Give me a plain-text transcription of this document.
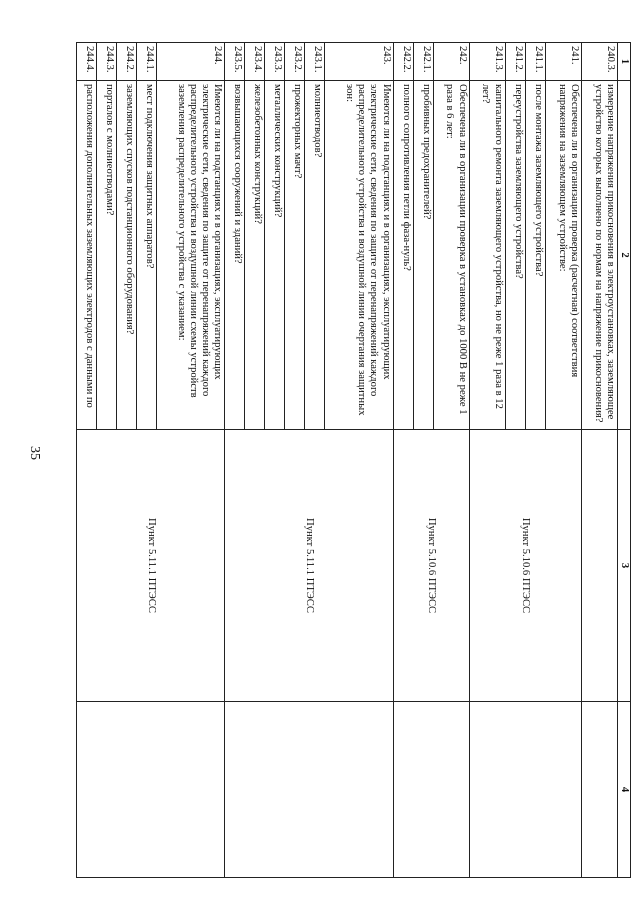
35
1	2	3	4
240.3.	измерение напряжения прикосновения в электроустановках, заземляющее устройство которых выполнено по нормам на напряжение прикосновения?		
241.	Обеспечена ли в организации проверка (расчетная) соответствия напряжения на заземляющем устройстве:	Пункт 5.10.6 ПТЭСС	
241.1.	после монтажа заземляющего устройства?		
241.2.	переустройства заземляющего устройства?		
241.3.	капитального ремонта заземляющего устройства, но не реже 1 раза в 12 лет?		
242.	Обеспечена ли в организации проверка в установках до 1000 В не реже 1 раза в 6 лет:	Пункт 5.10.6 ПТЭСС	
242.1.	пробивных предохранителей?		
242.2.	полного сопротивления петли фаза-нуль?		
243.	Имеются ли на подстанциях и в организациях, эксплуатирующих электрические сети, сведения по защите от перенапряжений каждого распределительного устройства и воздушной линии очертания защитных зон:	Пункт 5.11.1 ПТЭСС	
243.1.	молниеотводов?		
243.2.	прожекторных мачт?		
243.3.	металлических конструкций?		
243.4.	железобетонных конструкций?		
243.5.	возвышающихся сооружений и зданий?		
244.	Имеются ли на подстанциях и в организациях, эксплуатирующих электрические сети, сведения по защите от перенапряжений каждого распределительного устройства и воздушной линии схемы устройств заземления распределительного устройства с указанием:	Пункт 5.11.1 ПТЭСС	
244.1.	мест подключения защитных аппаратов?		
244.2.	заземляющих спусков подстанционного оборудования?		
244.3.	порталов с молниеотводами?		
244.4.	расположения дополнительных заземляющих электродов с данными по		
